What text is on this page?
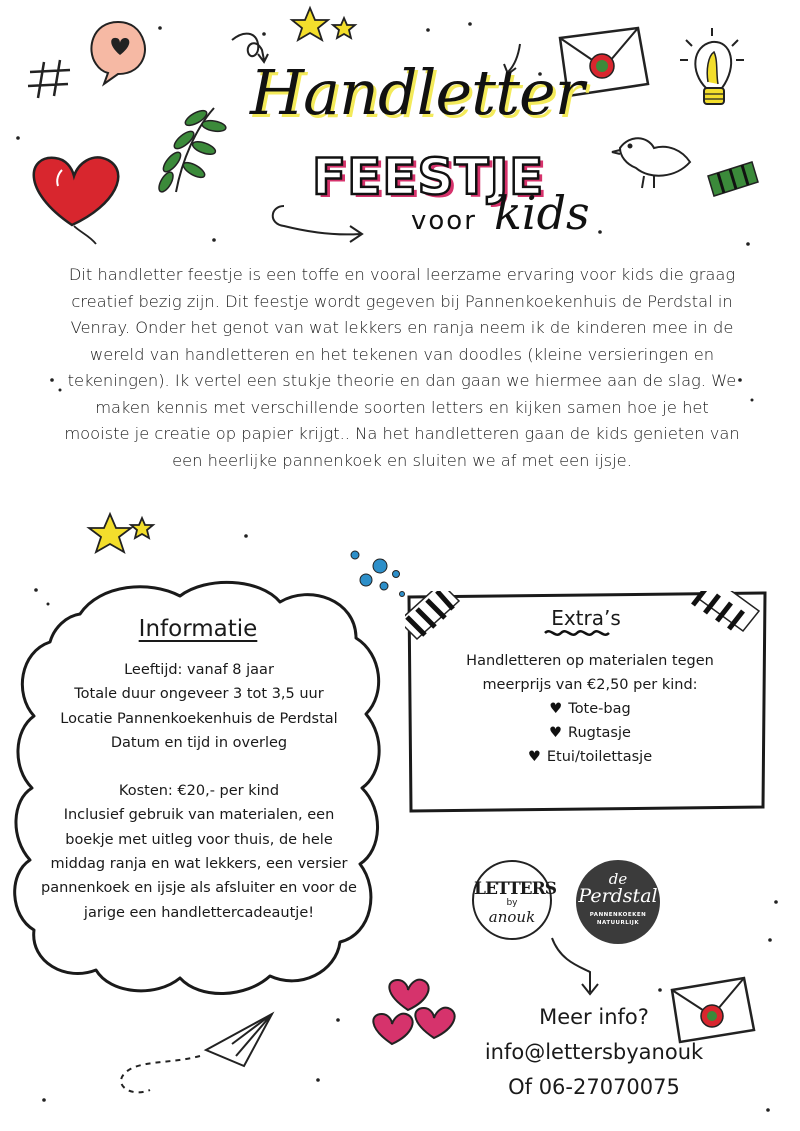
Handletter
FEESTJE
voor kids

Dit handletter feestje is een toffe en vooral leerzame ervaring voor kids die graag creatief bezig zijn. Dit feestje wordt gegeven bij Pannenkoekenhuis de Perdstal in Venray. Onder het genot van wat lekkers en ranja neem ik de kinderen mee in de wereld van handletteren en het tekenen van doodles (kleine versieringen en tekeningen). Ik vertel een stukje theorie en dan gaan we hiermee aan de slag. We maken kennis met verschillende soorten letters en kijken samen hoe je het mooiste je creatie op papier krijgt.. Na het handletteren gaan de kids genieten van een heerlijke pannenkoek en sluiten we af met een ijsje.

Informatie
Leeftijd: vanaf 8 jaar
Totale duur ongeveer 3 tot 3,5 uur
Locatie Pannenkoekenhuis de Perdstal
Datum en tijd in overleg
Kosten: €20,- per kind
Inclusief gebruik van materialen, een boekje met uitleg voor thuis, de hele middag ranja en wat lekkers, een versier pannenkoek en ijsje als afsluiter en voor de jarige een handlettercadeautje!
Extra’s
Handletteren op materialen tegen meerprijs van €2,50 per kind:
♥ Tote-bag
♥ Rugtasje
♥ Etui/toilettasje
LETTERS
by
anouk
de
Perdstal
PANNENKOEKEN NATUURLIJK
Meer info?
info@lettersbyanouk
Of 06-27070075
